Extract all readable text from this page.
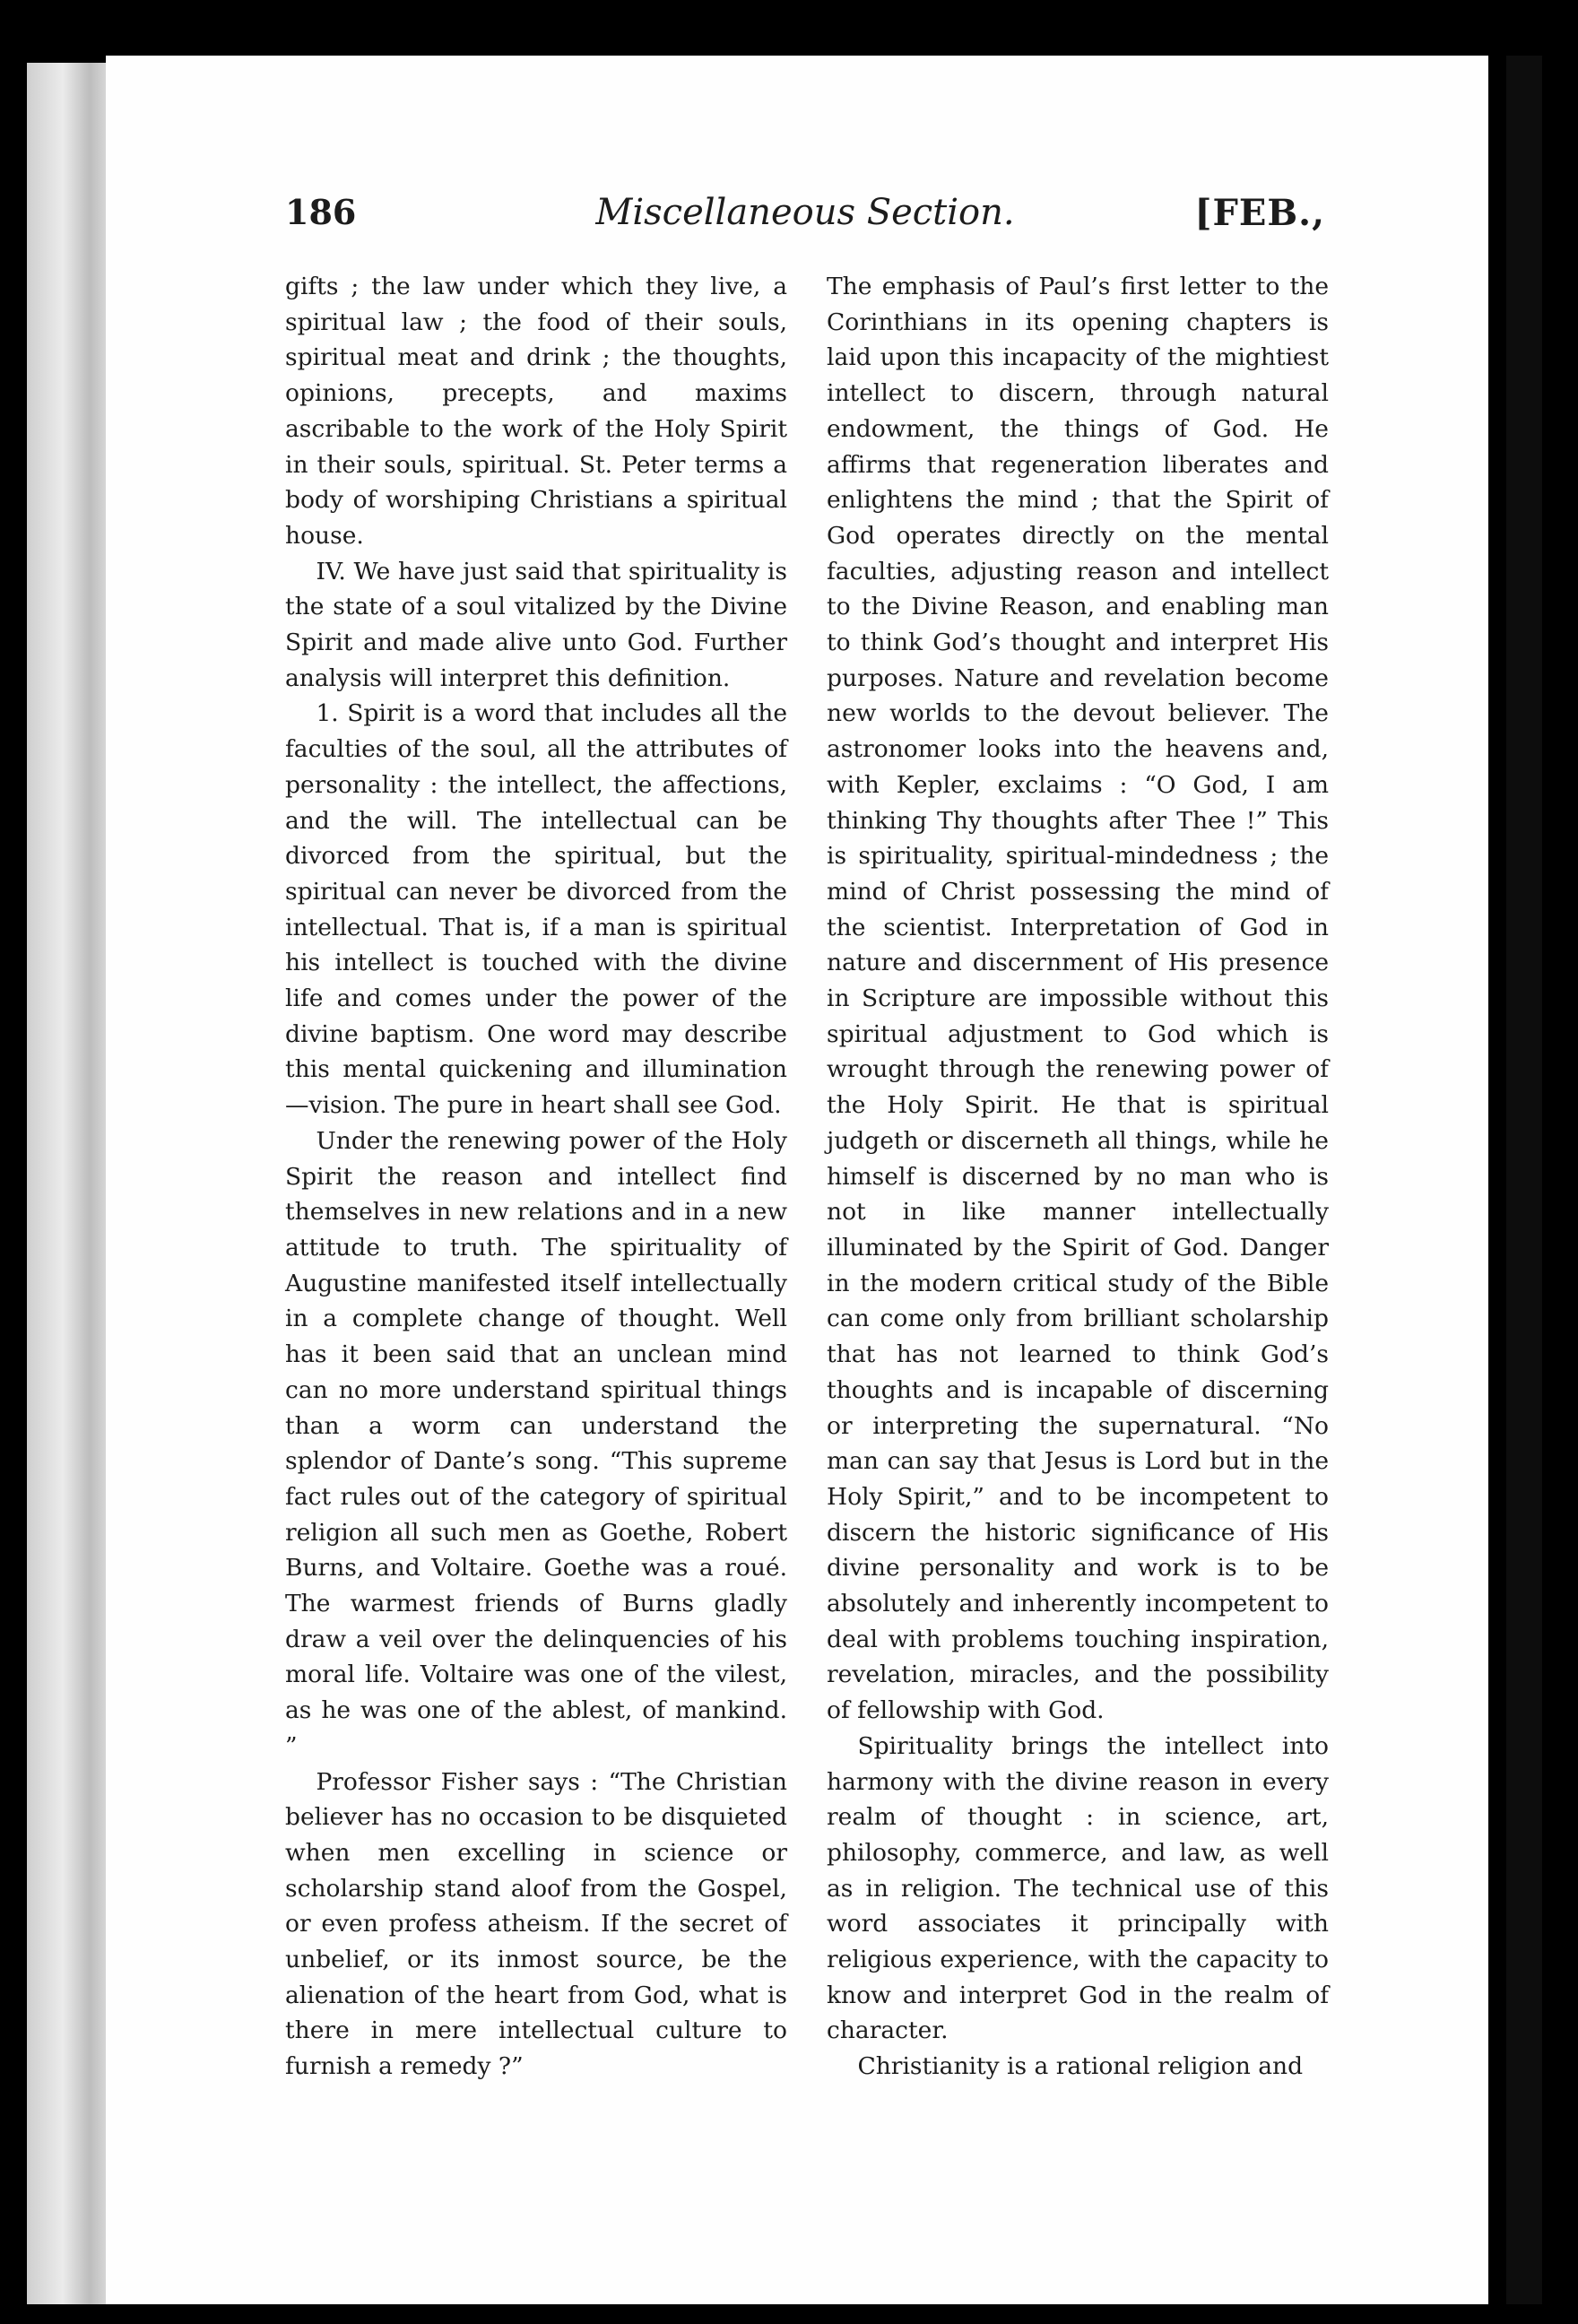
186	Miscellaneous Section.	[FEB.,

gifts ; the law under which they live, a spiritual law ; the food of their souls, spiritual meat and drink ; the thoughts, opinions, precepts, and maxims ascribable to the work of the Holy Spirit in their souls, spiritual. St. Peter terms a body of worshiping Christians a spiritual house.

IV. We have just said that spirituality is the state of a soul vitalized by the Divine Spirit and made alive unto God. Further analysis will interpret this definition.

1. Spirit is a word that includes all the faculties of the soul, all the attributes of personality : the intellect, the affections, and the will. The intellectual can be divorced from the spiritual, but the spiritual can never be divorced from the intellectual. That is, if a man is spiritual his intellect is touched with the divine life and comes under the power of the divine baptism. One word may describe this mental quickening and illumination—vision. The pure in heart shall see God.

Under the renewing power of the Holy Spirit the reason and intellect find themselves in new relations and in a new attitude to truth. The spirituality of Augustine manifested itself intellectually in a complete change of thought. Well has it been said that an unclean mind can no more understand spiritual things than a worm can understand the splendor of Dante’s song. “This supreme fact rules out of the category of spiritual religion all such men as Goethe, Robert Burns, and Voltaire. Goethe was a roué. The warmest friends of Burns gladly draw a veil over the delinquencies of his moral life. Voltaire was one of the vilest, as he was one of the ablest, of mankind. ”

Professor Fisher says : “The Christian believer has no occasion to be disquieted when men excelling in science or scholarship stand aloof from the Gospel, or even profess atheism. If the secret of unbelief, or its inmost source, be the alienation of the heart from God, what is there in mere intellectual culture to furnish a remedy ?”

The emphasis of Paul’s first letter to the Corinthians in its opening chapters is laid upon this incapacity of the mightiest intellect to discern, through natural endowment, the things of God. He affirms that regeneration liberates and enlightens the mind ; that the Spirit of God operates directly on the mental faculties, adjusting reason and intellect to the Divine Reason, and enabling man to think God’s thought and interpret His purposes. Nature and revelation become new worlds to the devout believer. The astronomer looks into the heavens and, with Kepler, exclaims : “O God, I am thinking Thy thoughts after Thee !” This is spirituality, spiritual-mindedness ; the mind of Christ possessing the mind of the scientist. Interpretation of God in nature and discernment of His presence in Scripture are impossible without this spiritual adjustment to God which is wrought through the renewing power of the Holy Spirit. He that is spiritual judgeth or discerneth all things, while he himself is discerned by no man who is not in like manner intellectually illuminated by the Spirit of God. Danger in the modern critical study of the Bible can come only from brilliant scholarship that has not learned to think God’s thoughts and is incapable of discerning or interpreting the supernatural. “No man can say that Jesus is Lord but in the Holy Spirit,” and to be incompetent to discern the historic significance of His divine personality and work is to be absolutely and inherently incompetent to deal with problems touching inspiration, revelation, miracles, and the possibility of fellowship with God.

Spirituality brings the intellect into harmony with the divine reason in every realm of thought : in science, art, philosophy, commerce, and law, as well as in religion. The technical use of this word associates it principally with religious experience, with the capacity to know and interpret God in the realm of character.

Christianity is a rational religion and
